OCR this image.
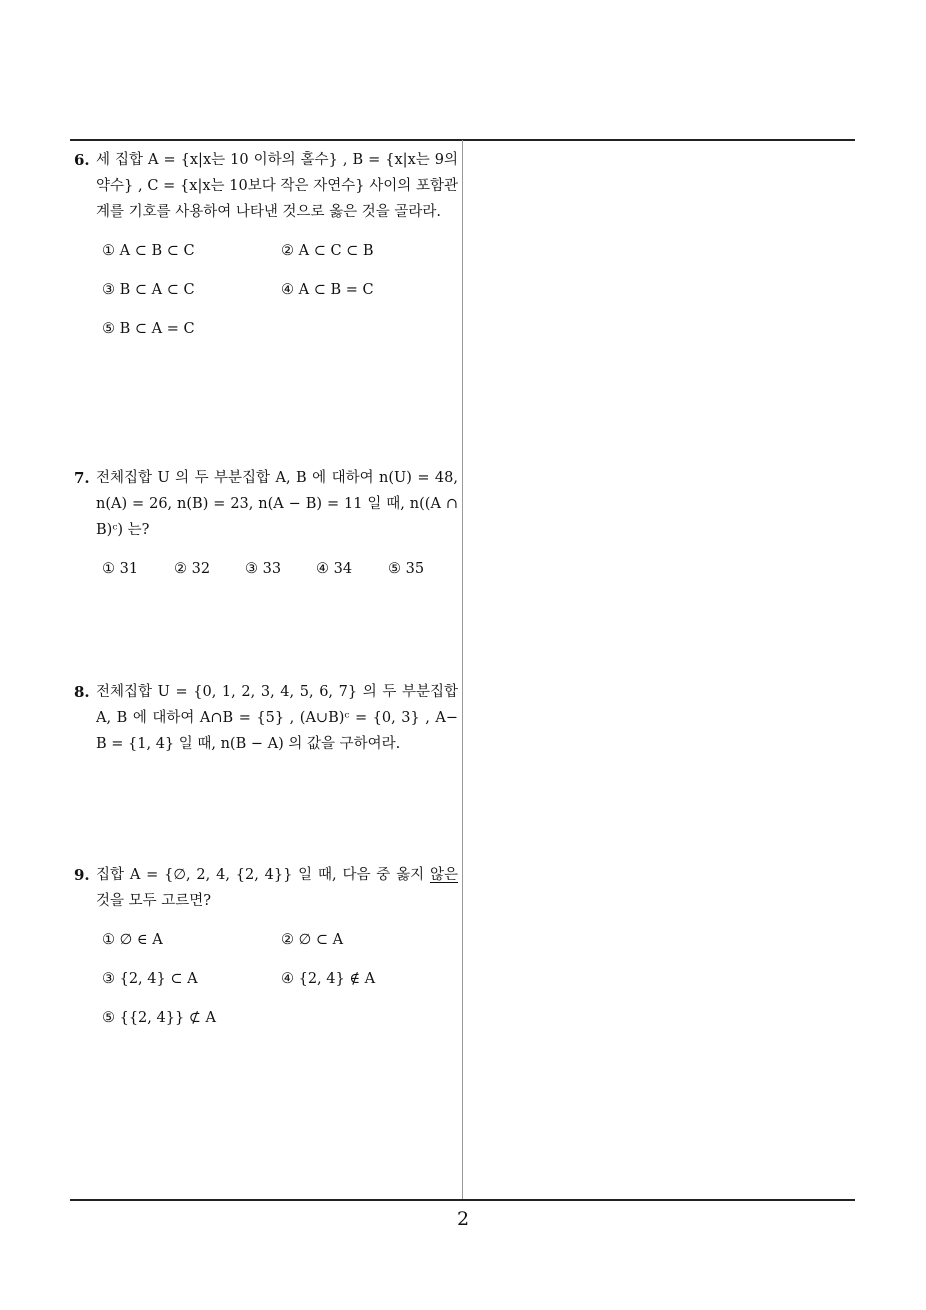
6. 세 집합 A = {x|x는 10 이하의 홀수} , B = {x|x는 9의 약수} , C = {x|x는 10보다 작은 자연수} 사이의 포함관계를 기호를 사용하여 나타낸 것으로 옳은 것을 골라라.

① A ⊂ B ⊂ C	② A ⊂ C ⊂ B
③ B ⊂ A ⊂ C	④ A ⊂ B = C
⑤ B ⊂ A = C

7. 전체집합 U 의 두 부분집합 A, B 에 대하여 n(U) = 48, n(A) = 26, n(B) = 23, n(A − B) = 11 일 때, n((A ∩ B)ᶜ) 는?

① 31 ② 32 ③ 33 ④ 34 ⑤ 35

8. 전체집합 U = {0, 1, 2, 3, 4, 5, 6, 7} 의 두 부분집합 A, B 에 대하여 A∩B = {5} , (A∪B)ᶜ = {0, 3} , A− B = {1, 4} 일 때, n(B − A) 의 값을 구하여라.

9. 집합 A = {∅, 2, 4, {2, 4}} 일 때, 다음 중 옳지 않은 것을 모두 고르면?

① ∅ ∈ A	② ∅ ⊂ A
③ {2, 4} ⊂ A	④ {2, 4} ∉ A
⑤ {{2, 4}} ⊄ A
2
